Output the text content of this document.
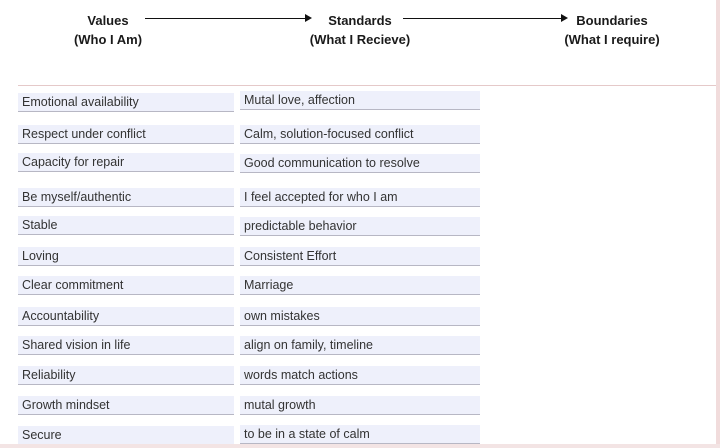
Values
(Who I Am)
Standards
(What I Recieve)
Boundaries
(What I require)
Emotional availability
Respect under conflict
Capacity for repair
Be myself/authentic
Stable
Loving
Clear commitment
Accountability
Shared vision in life
Reliability
Growth mindset
Secure
Mutal love, affection
Calm, solution-focused conflict
Good communication to resolve
I feel accepted for who I am
predictable behavior
Consistent Effort
Marriage
own mistakes
align on family, timeline
words match actions
mutal growth
to be in a state of calm
